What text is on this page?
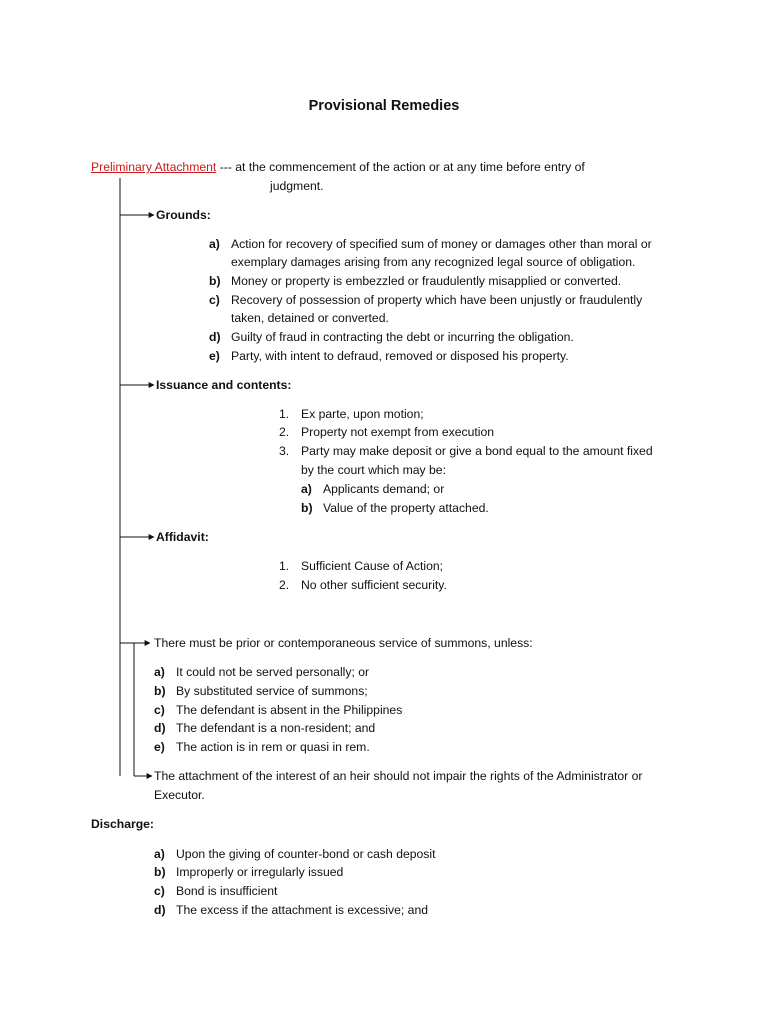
Provisional Remedies
Preliminary Attachment --- at the commencement of the action or at any time before entry of
judgment.
Grounds:
a) Action for recovery of specified sum of money or damages other than moral or
exemplary damages arising from any recognized legal source of obligation.
b) Money or property is embezzled or fraudulently misapplied or converted.
c) Recovery of possession of property which have been unjustly or fraudulently
taken, detained or converted.
d) Guilty of fraud in contracting the debt or incurring the obligation.
e) Party, with intent to defraud, removed or disposed his property.
Issuance and contents:
1. Ex parte, upon motion;
2. Property not exempt from execution
3. Party may make deposit or give a bond equal to the amount fixed
by the court which may be:
a) Applicants demand; or
b) Value of the property attached.
Affidavit:
1. Sufficient Cause of Action;
2. No other sufficient security.
There must be prior or contemporaneous service of summons, unless:
a) It could not be served personally; or
b) By substituted service of summons;
c) The defendant is absent in the Philippines
d) The defendant is a non-resident; and
e) The action is in rem or quasi in rem.
The attachment of the interest of an heir should not impair the rights of the Administrator or
Executor.
Discharge:
a) Upon the giving of counter-bond or cash deposit
b) Improperly or irregularly issued
c) Bond is insufficient
d) The excess if the attachment is excessive; and
